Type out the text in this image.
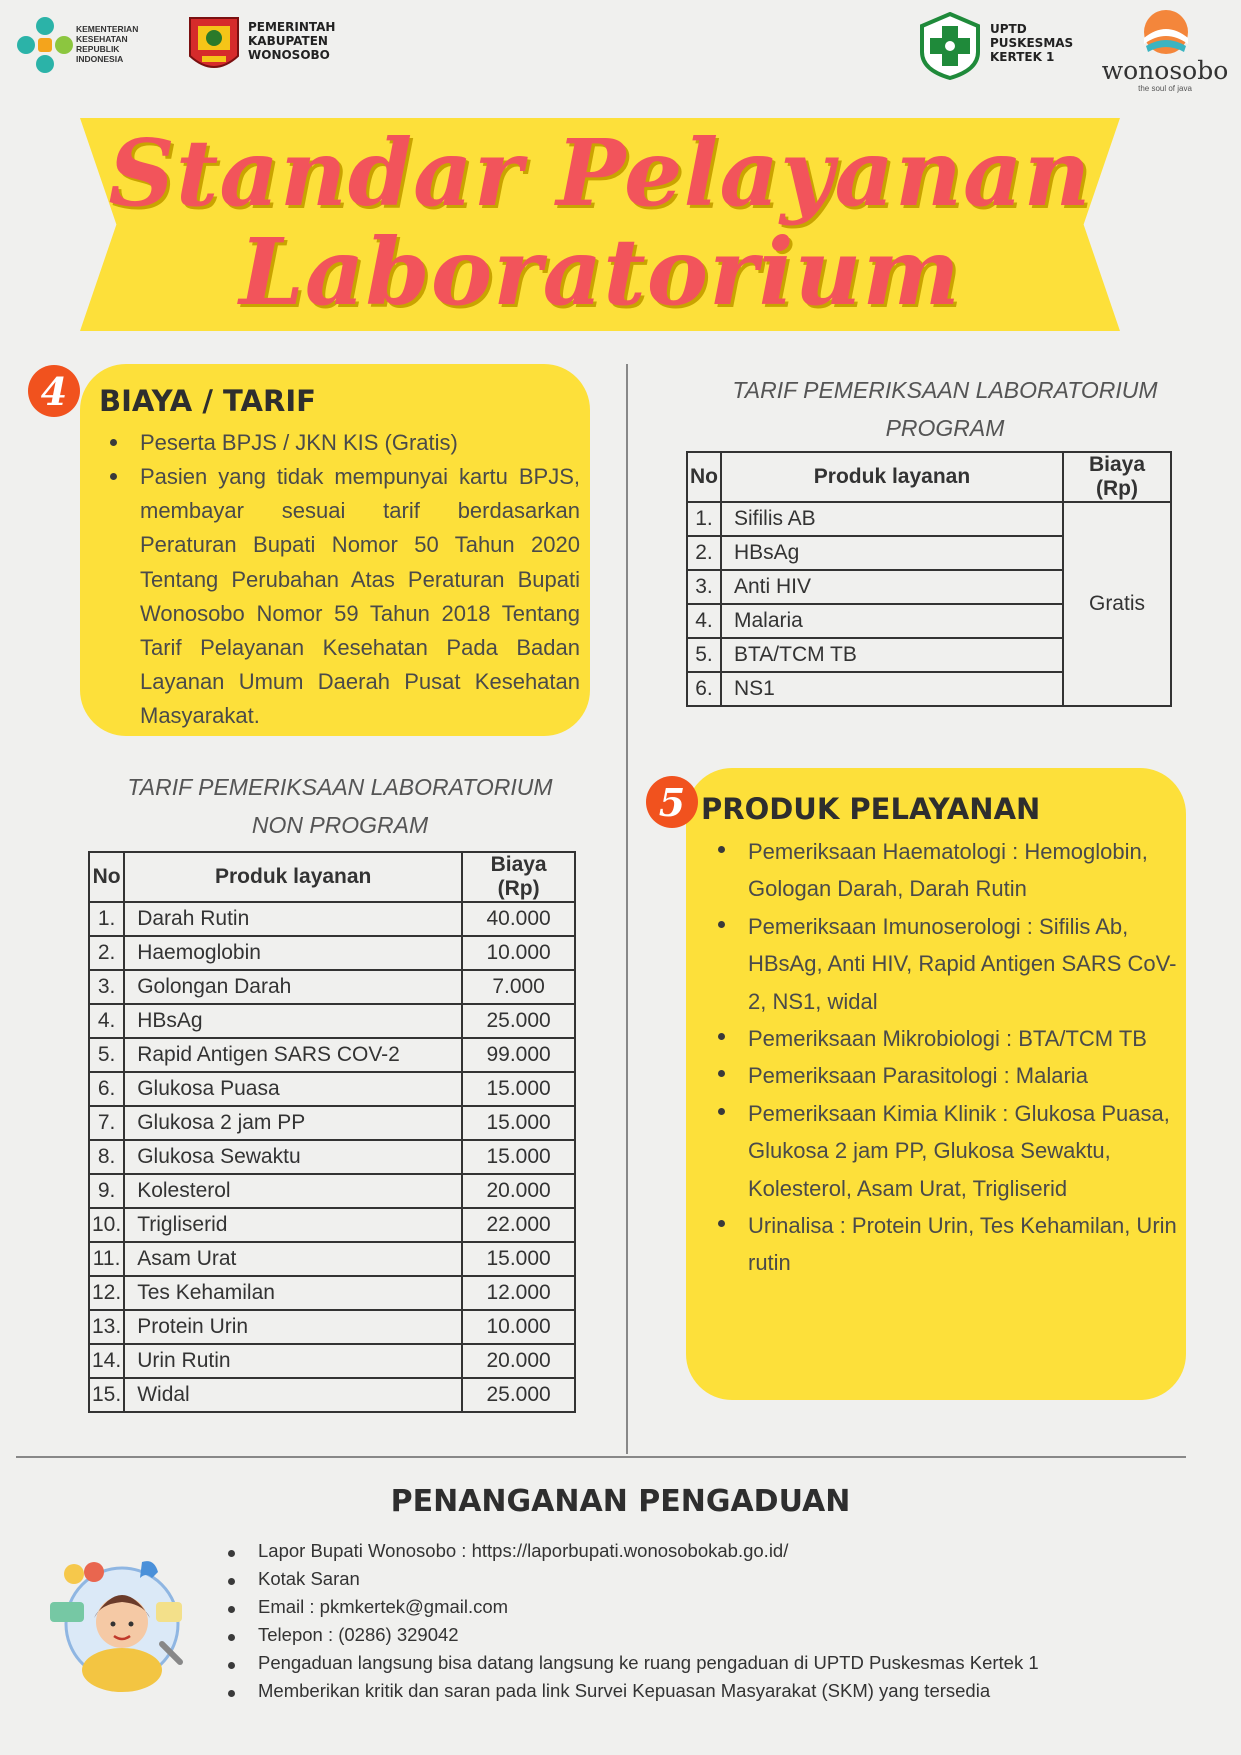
KEMENTERIAN
KESEHATAN
REPUBLIK
INDONESIA
PEMERINTAH
KABUPATEN
WONOSOBO
UPTD
PUSKESMAS
KERTEK 1	wonosobo
the soul of java
Standar Pelayanan
Laboratorium
4	BIAYA / TARIF
Peserta BPJS / JKN KIS (Gratis)
Pasien yang tidak mempunyai kartu BPJS, membayar sesuai tarif berdasarkan Peraturan Bupati Nomor 50 Tahun 2020 Tentang Perubahan Atas Peraturan Bupati Wonosobo Nomor 59 Tahun 2018 Tentang Tarif Pelayanan Kesehatan Pada Badan Layanan Umum Daerah Pusat Kesehatan Masyarakat.
TARIF PEMERIKSAAN LABORATORIUM
PROGRAM
No	Produk layanan	Biaya (Rp)
1.	Sifilis AB	Gratis
2.	HBsAg	
3.	Anti HIV	
4.	Malaria	
5.	BTA/TCM TB	
6.	NS1	
TARIF PEMERIKSAAN LABORATORIUM
NON PROGRAM
No	Produk layanan	Biaya (Rp)
1.	Darah Rutin	40.000
2.	Haemoglobin	10.000
3.	Golongan Darah	7.000
4.	HBsAg	25.000
5.	Rapid Antigen SARS COV-2	99.000
6.	Glukosa Puasa	15.000
7.	Glukosa 2 jam PP	15.000
8.	Glukosa Sewaktu	15.000
9.	Kolesterol	20.000
10.	Trigliserid	22.000
11.	Asam Urat	15.000
12.	Tes Kehamilan	12.000
13.	Protein Urin	10.000
14.	Urin Rutin	20.000
15.	Widal	25.000
5 PRODUK PELAYANAN
Pemeriksaan Haematologi : Hemoglobin, Gologan Darah, Darah Rutin
Pemeriksaan Imunoserologi : Sifilis Ab, HBsAg, Anti HIV, Rapid Antigen SARS CoV-2, NS1, widal
Pemeriksaan Mikrobiologi : BTA/TCM TB
Pemeriksaan Parasitologi : Malaria
Pemeriksaan Kimia Klinik : Glukosa Puasa, Glukosa 2 jam PP, Glukosa Sewaktu, Kolesterol, Asam Urat, Trigliserid
Urinalisa : Protein Urin, Tes Kehamilan, Urin rutin
PENANGANAN PENGADUAN
Lapor Bupati Wonosobo : https://laporbupati.wonosobokab.go.id/
Kotak Saran
Email : pkmkertek@gmail.com
Telepon : (0286) 329042
Pengaduan langsung bisa datang langsung ke ruang pengaduan di UPTD Puskesmas Kertek 1
Memberikan kritik dan saran pada link Survei Kepuasan Masyarakat (SKM) yang tersedia
